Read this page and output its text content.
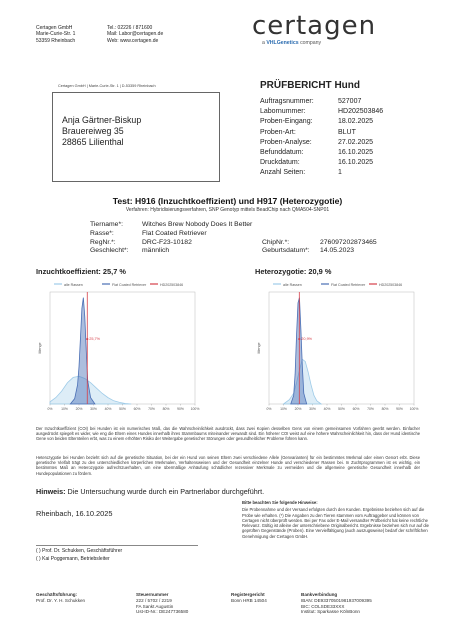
Certagen GmbH
Marie-Curie-Str. 1
53359 Rheinbach
Tel.: 02226 / 871600
Mail: Labor@certagen.de
Web: www.certagen.de	certagen
a VHLGenetics company
Certagen GmbH | Marie-Curie-Str. 1 | D-53359 Rheinbach
Anja Gärtner-Biskup
Brauereiweg 35
28865 Lilienthal
PRÜFBERICHT Hund
Auftragsnummer:	527007
Labornummer:	HD202503846
Proben-Eingang:	18.02.2025
Proben-Art:	BLUT
Proben-Analyse:	27.02.2025
Befunddatum:	16.10.2025
Druckdatum:	16.10.2025
Anzahl Seiten:	1
Test: H916 (Inzuchtkoeffizient) und H917 (Heterozygotie)
Verfahren: Hybridisierungsverfahren, SNP Genotyp mittels BeadChip nach QMA504-SNP01
Tiername*:	Witches Brew Nobody Does It Better
Rasse*:	Flat Coated Retriever
RegNr.*:	DRC-F23-10182	ChipNr.*:	276097202873465
Geschlecht*:	männlich	Geburtsdatum*:	14.05.2023
Inzuchtkoeffizient: 25,7 %	Heterozygotie: 20,9 %
alle Rassen	Flat Coated Retriever	HD202503846
Menge
25,7%
0%	10% 20% 30% 40% 50% 60% 70% 80% 90% 100%
alle Rassen	Flat Coated Retriever	HD202503846
Menge
20,9%
0%	10% 20% 30% 40% 50% 60% 70% 80% 90% 100%
Der Inzuchtkoeffizient (COI) bei Hunden ist ein numerisches Maß, das die Wahrscheinlichkeit ausdrückt, dass zwei Kopien desselben Gens von einem gemeinsamen Vorfahren geerbt werden. Einfacher ausgedrückt spiegelt es wider, wie eng die Eltern eines Hundes innerhalb ihres Stammbaums miteinander verwandt sind. Ein höherer COI weist auf eine höhere Wahrscheinlichkeit hin, dass der Hund identische Gene von beiden Elternteilen erbt, was zu einem erhöhten Risiko der Weitergabe genetischer Störungen oder gesundheitlicher Probleme führen kann.
Heterozygotie bei Hunden bezieht sich auf die genetische Situation, bei der ein Hund von seinen Eltern zwei verschiedene Allele (Genvarianten) für ein bestimmtes Merkmal oder einen Genort erbt. Diese genetische Vielfalt trägt zu den unterschiedlichen körperlichen Merkmalen, Verhaltensweisen und der Gesundheit einzelner Hunde und verschiedener Rassen bei. In Zuchtprogrammen ist es wichtig, ein bestimmtes Maß an Heterozygotie aufrechtzuerhalten, um eine übermäßige Anhäufung schädlicher rezessiver Merkmale zu vermeiden und die allgemeine genetische Gesundheit innerhalb der Hundepopulationen zu fördern.
Hinweis: Die Untersuchung wurde durch ein Partnerlabor durchgeführt.
Rheinbach, 16.10.2025
( ) Prof. Dr. Schukken, Geschäftsführer
( ) Kai Poggemann, Betriebsleiter
Bitte beachten Sie folgende Hinweise:
Die Probennahme und der Versand erfolgten durch den Kunden. Ergebnisse beziehen sich auf die Probe wie erhalten. (*) Die Angaben zu den Tieren stammen vom Auftraggeber und können von Certagen nicht überprüft werden. Bei per Fax oder E-Mail versandter Prüfbericht hat keine rechtliche Relevanz. Gültig ist alleine der unterschriebene Originalbericht. Ergebnisse beziehen sich nur auf die geprüften Gegenstände (Proben). Eine Vervielfältigung (auch auszugsweise) bedarf der schriftlichen Genehmigung der Certagen GmbH.
Geschäftsführung:
Prof. Dr. Y. H. Schukken
Steuernummer
222 / 5702 / 2219
FA Sankt Augustin
Ust-ID-Nr.: DE247736580
Registergericht
Bonn HRB 14504
Bankverbindung
IBAN: DE93370501981937009395
BIC: COLSDE33XXX
Institut: Sparkasse KölnBonn
